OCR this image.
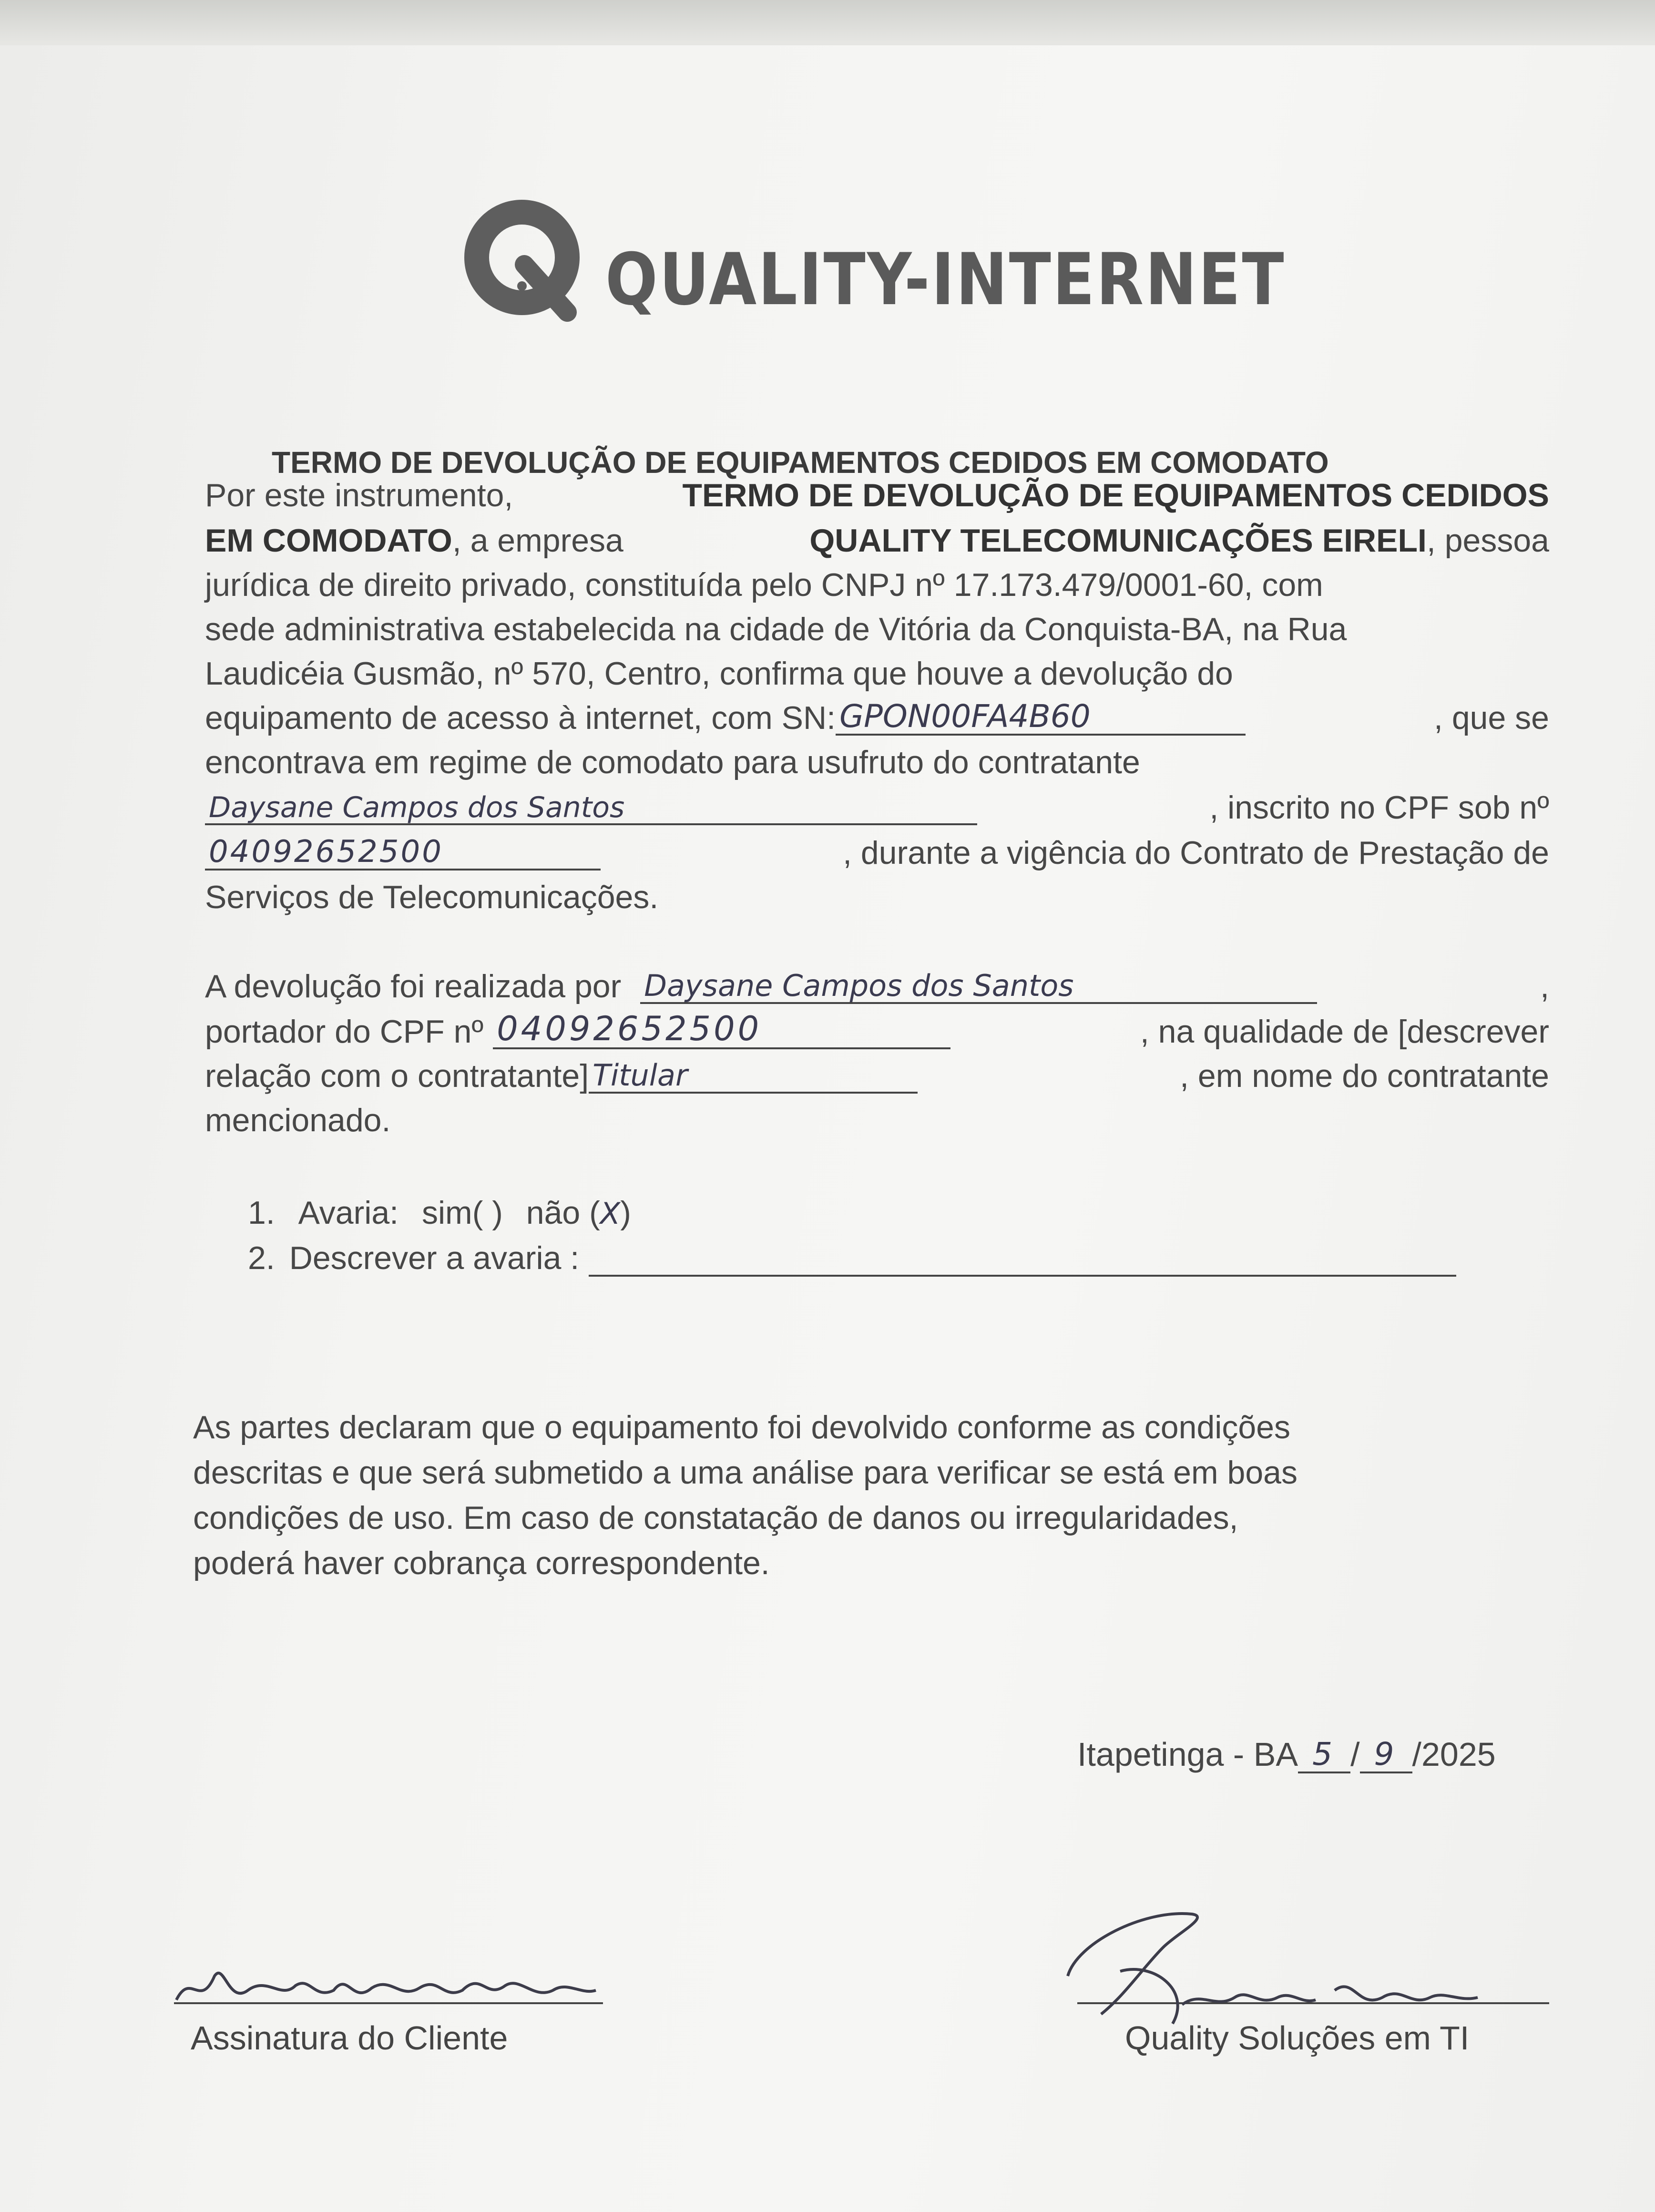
QUALITY-INTERNET
TERMO DE DEVOLUÇÃO DE EQUIPAMENTOS CEDIDOS EM COMODATO
Por este instrumento,	TERMO DE DEVOLUÇÃO DE EQUIPAMENTOS CEDIDOS
EM COMODATO, a empresa	QUALITY TELECOMUNICAÇÕES EIRELI, pessoa
jurídica de direito privado, constituída pelo CNPJ nº 17.173.479/0001-60, com
sede administrativa estabelecida na cidade de Vitória da Conquista-BA, na Rua
Laudicéia Gusmão, nº 570, Centro, confirma que houve a devolução do
equipamento de acesso à internet, com SN: GPON00FA4B60	, que se
encontrava em regime de comodato para usufruto do contratante
Daysane Campos dos Santos	, inscrito no CPF sob nº
04092652500	, durante a vigência do Contrato de Prestação de
Serviços de Telecomunicações.
A devolução foi realizada por Daysane Campos dos Santos	,
portador do CPF nº 04092652500	, na qualidade de [descrever
relação com o contratante] Titular	, em nome do contratante
mencionado.
1. Avaria: sim( ) não (X)
2. Descrever a avaria :
As partes declaram que o equipamento foi devolvido conforme as condições
descritas e que será submetido a uma análise para verificar se está em boas
condições de uso. Em caso de constatação de danos ou irregularidades,
poderá haver cobrança correspondente.
Itapetinga - BA 5 / 9 /2025
Assinatura do Cliente	Quality Soluções em TI
